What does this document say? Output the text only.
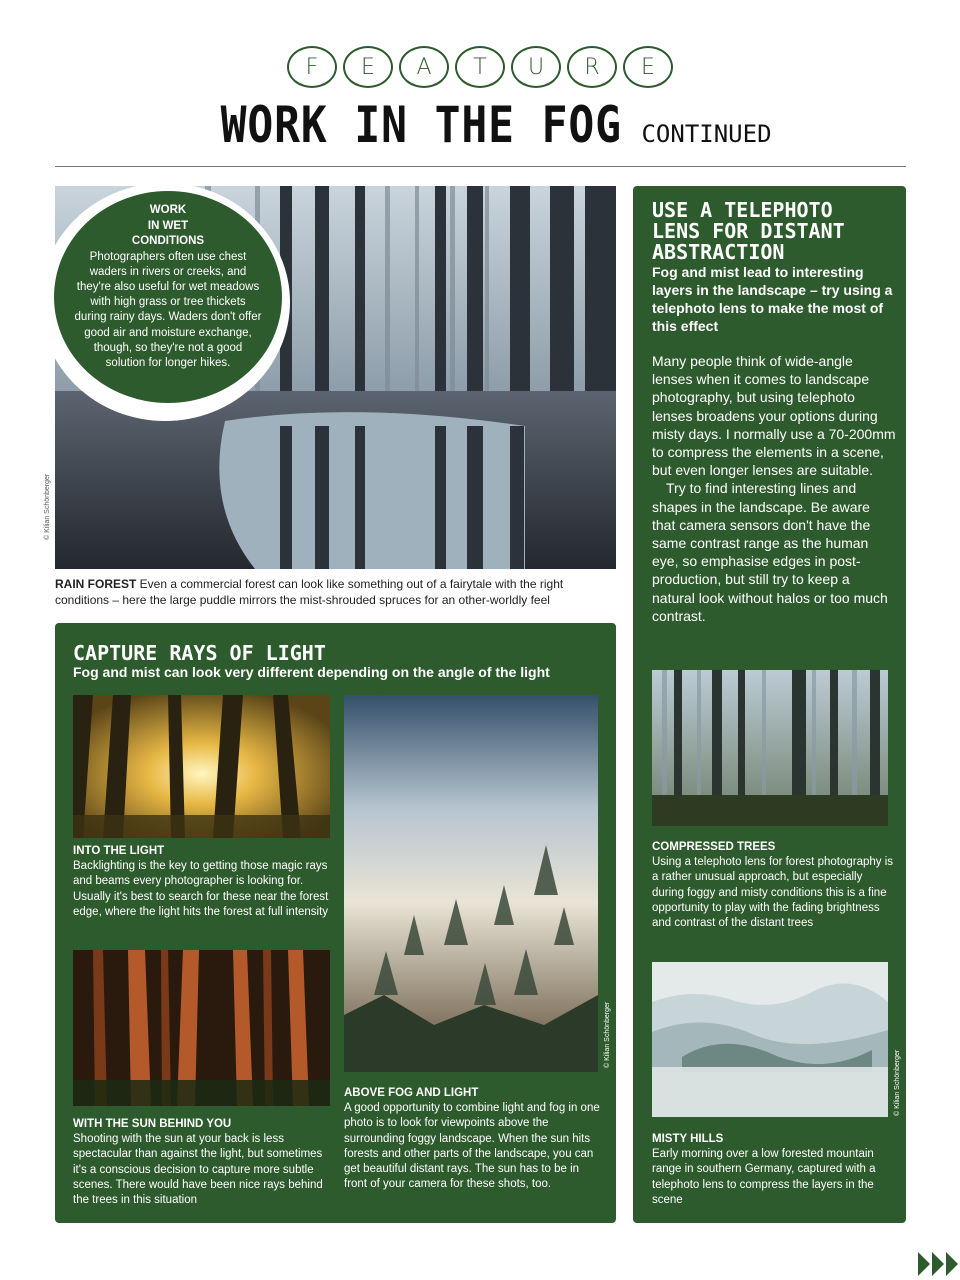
F	E	A	T	U	R	E
WORK IN THE FOG CONTINUED
© Kilian Schönberger
WORK
IN WET
CONDITIONS
Photographers often use chest waders in rivers or creeks, and they're also useful for wet meadows with high grass or tree thickets during rainy days. Waders don't offer good air and moisture exchange, though, so they're not a good solution for longer hikes.
RAIN FOREST Even a commercial forest can look like something out of a fairytale with the right conditions – here the large puddle mirrors the mist-shrouded spruces for an other-worldly feel
CAPTURE RAYS OF LIGHT
Fog and mist can look very different depending on the angle of the light
INTO THE LIGHT
Backlighting is the key to getting those magic rays and beams every photographer is looking for. Usually it's best to search for these near the forest edge, where the light hits the forest at full intensity
WITH THE SUN BEHIND YOU
Shooting with the sun at your back is less spectacular than against the light, but sometimes it's a conscious decision to capture more subtle scenes. There would have been nice rays behind the trees in this situation
© Kilian Schönberger
ABOVE FOG AND LIGHT
A good opportunity to combine light and fog in one photo is to look for viewpoints above the surrounding foggy landscape. When the sun hits forests and other parts of the landscape, you can get beautiful distant rays. The sun has to be in front of your camera for these shots, too.
USE A TELEPHOTO LENS FOR DISTANT ABSTRACTION
Fog and mist lead to interesting layers in the landscape – try using a telephoto lens to make the most of this effect

Many people think of wide-angle lenses when it comes to landscape photography, but using telephoto lenses broadens your options during misty days. I normally use a 70-200mm to compress the elements in a scene, but even longer lenses are suitable.

Try to find interesting lines and shapes in the landscape. Be aware that camera sensors don't have the same contrast range as the human eye, so emphasise edges in post-production, but still try to keep a natural look without halos or too much contrast.

COMPRESSED TREES
Using a telephoto lens for forest photography is a rather unusual approach, but especially during foggy and misty conditions this is a fine opportunity to play with the fading brightness and contrast of the distant trees
© Kilian Schönberger
MISTY HILLS
Early morning over a low forested mountain range in southern Germany, captured with a telephoto lens to compress the layers in the scene
